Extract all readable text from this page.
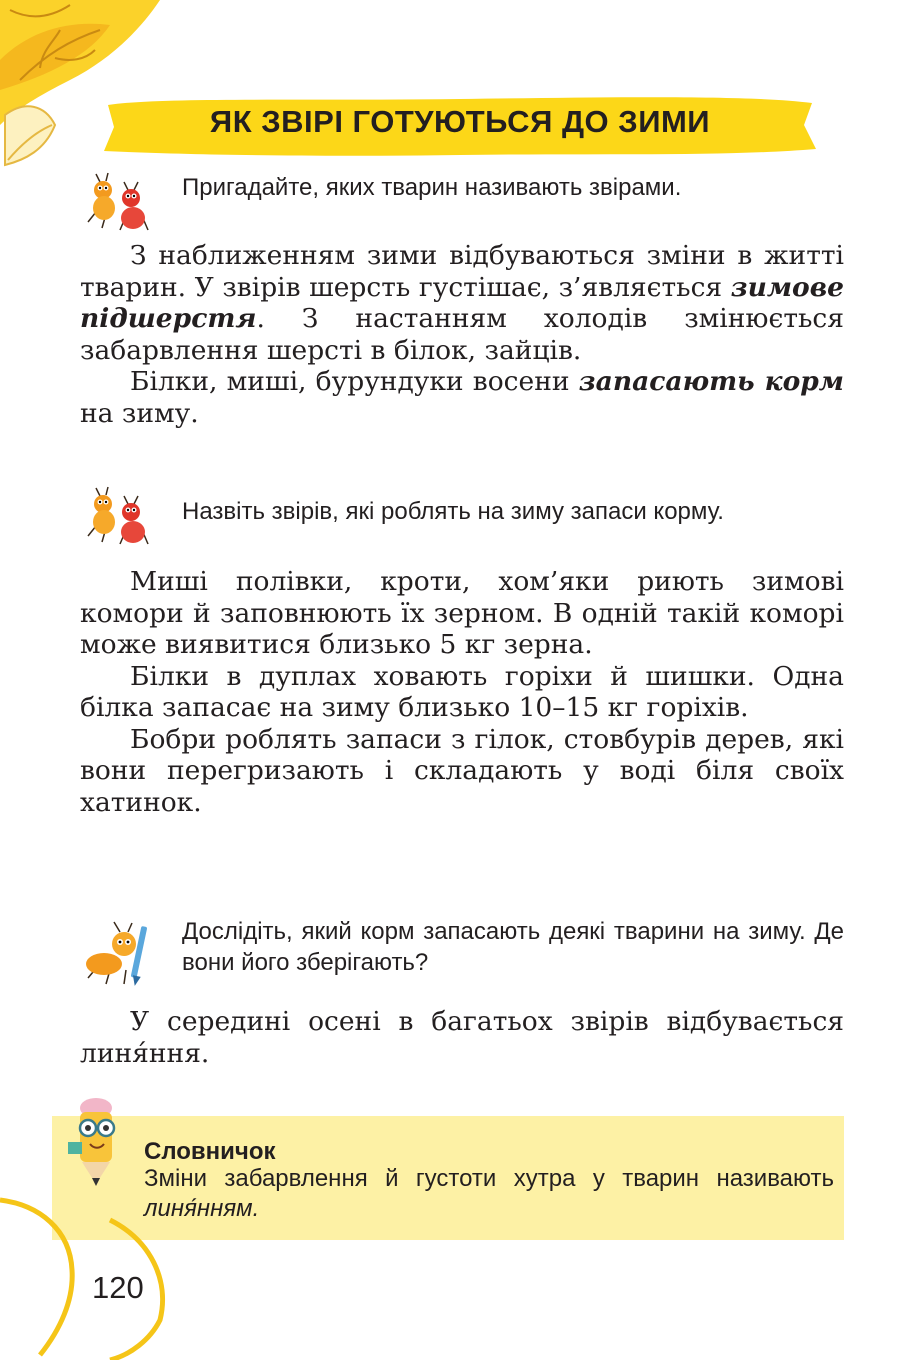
ЯК ЗВІРІ ГОТУЮТЬСЯ ДО ЗИМИ
Пригадайте, яких тварин називають звірами.

З наближенням зими відбуваються зміни в житті тварин. У звірів шерсть густішає, з’являється зимове підшерстя. З настанням холодів змінюється забарвлення шерсті в білок, зайців.

Білки, миші, бурундуки восени запасають корм на зиму.

Назвіть звірів, які роблять на зиму запаси корму.

Миші полівки, кроти, хом’яки риють зимові комори й заповнюють їх зерном. В одній такій коморі може виявитися близько 5 кг зерна.

Білки в дуплах ховають горіхи й шишки. Одна білка запасає на зиму близько 10–15 кг горіхів.

Бобри роблять запаси з гілок, стовбурів дерев, які вони перегризають і складають у воді біля своїх хатинок.

Дослідіть, який корм запасають деякі тварини на зиму. Де вони його зберігають?

У середині осені в багатьох звірів відбувається линя́ння.

Словничок
Зміни забарвлення й густоти хутра у тварин називають линя́нням.
120
